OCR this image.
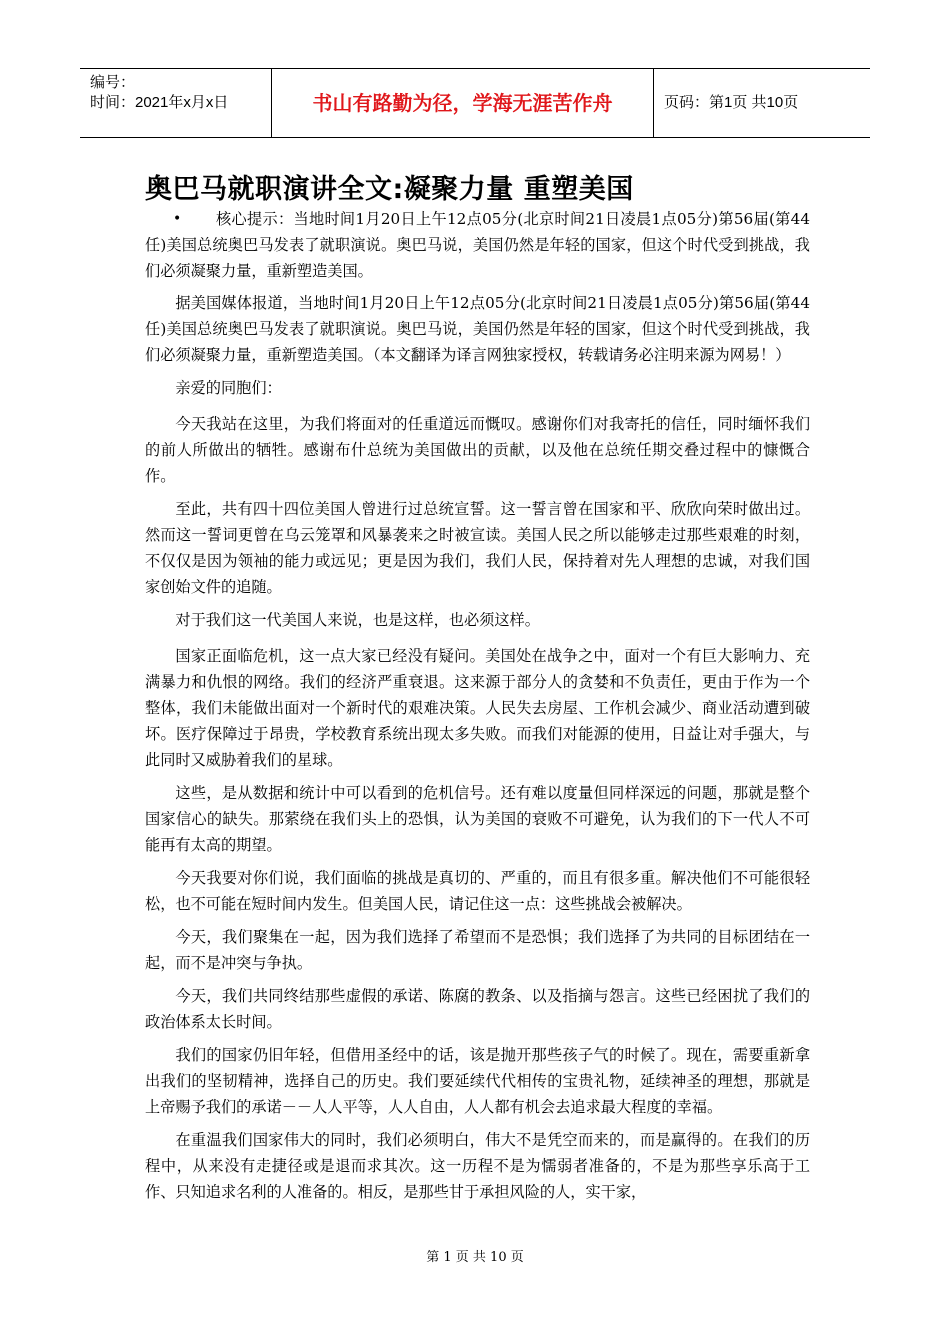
编号：
时间：2021年x月x日	书山有路勤为径，学海无涯苦作舟	页码：第1页 共10页
奥巴马就职演讲全文:凝聚力量 重塑美国
•	核心提示：当地时间1月20日上午12点05分(北京时间21日凌晨1点05分)第56届(第44任)美国总统奥巴马发表了就职演说。奥巴马说，美国仍然是年轻的国家，但这个时代受到挑战，我们必须凝聚力量，重新塑造美国。

据美国媒体报道，当地时间1月20日上午12点05分(北京时间21日凌晨1点05分)第56届(第44任)美国总统奥巴马发表了就职演说。奥巴马说，美国仍然是年轻的国家，但这个时代受到挑战，我们必须凝聚力量，重新塑造美国。（本文翻译为译言网独家授权，转载请务必注明来源为网易！）

亲爱的同胞们：

今天我站在这里，为我们将面对的任重道远而慨叹。感谢你们对我寄托的信任，同时缅怀我们的前人所做出的牺牲。感谢布什总统为美国做出的贡献，以及他在总统任期交叠过程中的慷慨合作。

至此，共有四十四位美国人曾进行过总统宣誓。这一誓言曾在国家和平、欣欣向荣时做出过。然而这一誓词更曾在乌云笼罩和风暴袭来之时被宣读。美国人民之所以能够走过那些艰难的时刻，不仅仅是因为领袖的能力或远见；更是因为我们，我们人民，保持着对先人理想的忠诚，对我们国家创始文件的追随。

对于我们这一代美国人来说，也是这样，也必须这样。

国家正面临危机，这一点大家已经没有疑问。美国处在战争之中，面对一个有巨大影响力、充满暴力和仇恨的网络。我们的经济严重衰退。这来源于部分人的贪婪和不负责任，更由于作为一个整体，我们未能做出面对一个新时代的艰难决策。人民失去房屋、工作机会减少、商业活动遭到破坏。医疗保障过于昂贵，学校教育系统出现太多失败。而我们对能源的使用，日益让对手强大，与此同时又威胁着我们的星球。

这些，是从数据和统计中可以看到的危机信号。还有难以度量但同样深远的问题，那就是整个国家信心的缺失。那萦绕在我们头上的恐惧，认为美国的衰败不可避免，认为我们的下一代人不可能再有太高的期望。

今天我要对你们说，我们面临的挑战是真切的、严重的，而且有很多重。解决他们不可能很轻松，也不可能在短时间内发生。但美国人民，请记住这一点：这些挑战会被解决。

今天，我们聚集在一起，因为我们选择了希望而不是恐惧；我们选择了为共同的目标团结在一起，而不是冲突与争执。

今天，我们共同终结那些虚假的承诺、陈腐的教条、以及指摘与怨言。这些已经困扰了我们的政治体系太长时间。

我们的国家仍旧年轻，但借用圣经中的话，该是抛开那些孩子气的时候了。现在，需要重新拿出我们的坚韧精神，选择自己的历史。我们要延续代代相传的宝贵礼物，延续神圣的理想，那就是上帝赐予我们的承诺－－人人平等，人人自由，人人都有机会去追求最大程度的幸福。

在重温我们国家伟大的同时，我们必须明白，伟大不是凭空而来的，而是赢得的。在我们的历程中，从来没有走捷径或是退而求其次。这一历程不是为懦弱者准备的，不是为那些享乐高于工作、只知追求名利的人准备的。相反，是那些甘于承担风险的人，实干家，

第 1 页 共 10 页
